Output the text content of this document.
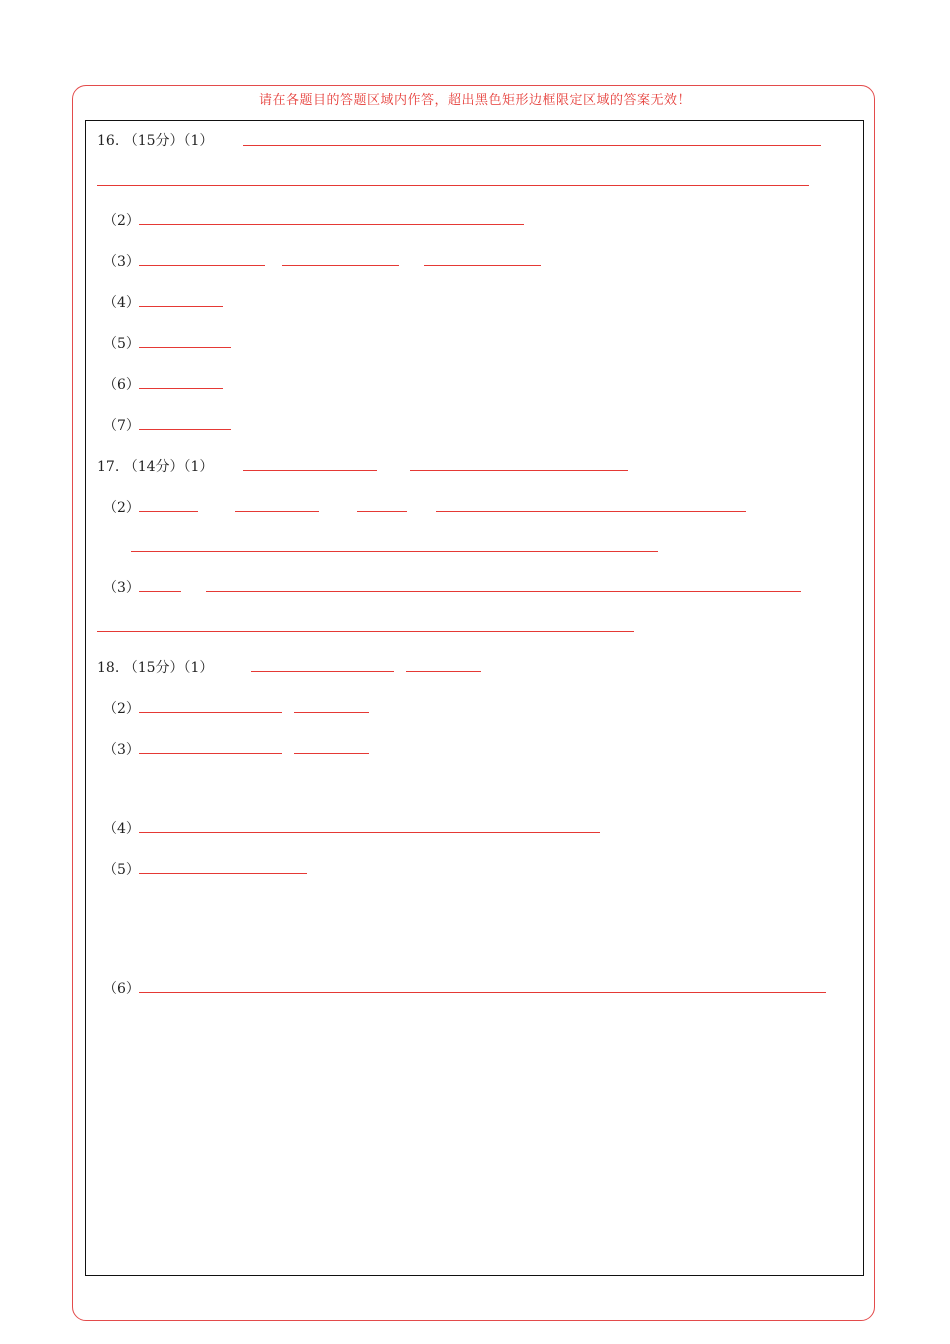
请在各题目的答题区域内作答，超出黑色矩形边框限定区域的答案无效！
16. （15分）（1）
（2）
（3）
（4）
（5）
（6）
（7）
17. （14分）（1）
（2）
（3）
18. （15分）（1）
（2）
（3）
（4）
（5）
（6）
